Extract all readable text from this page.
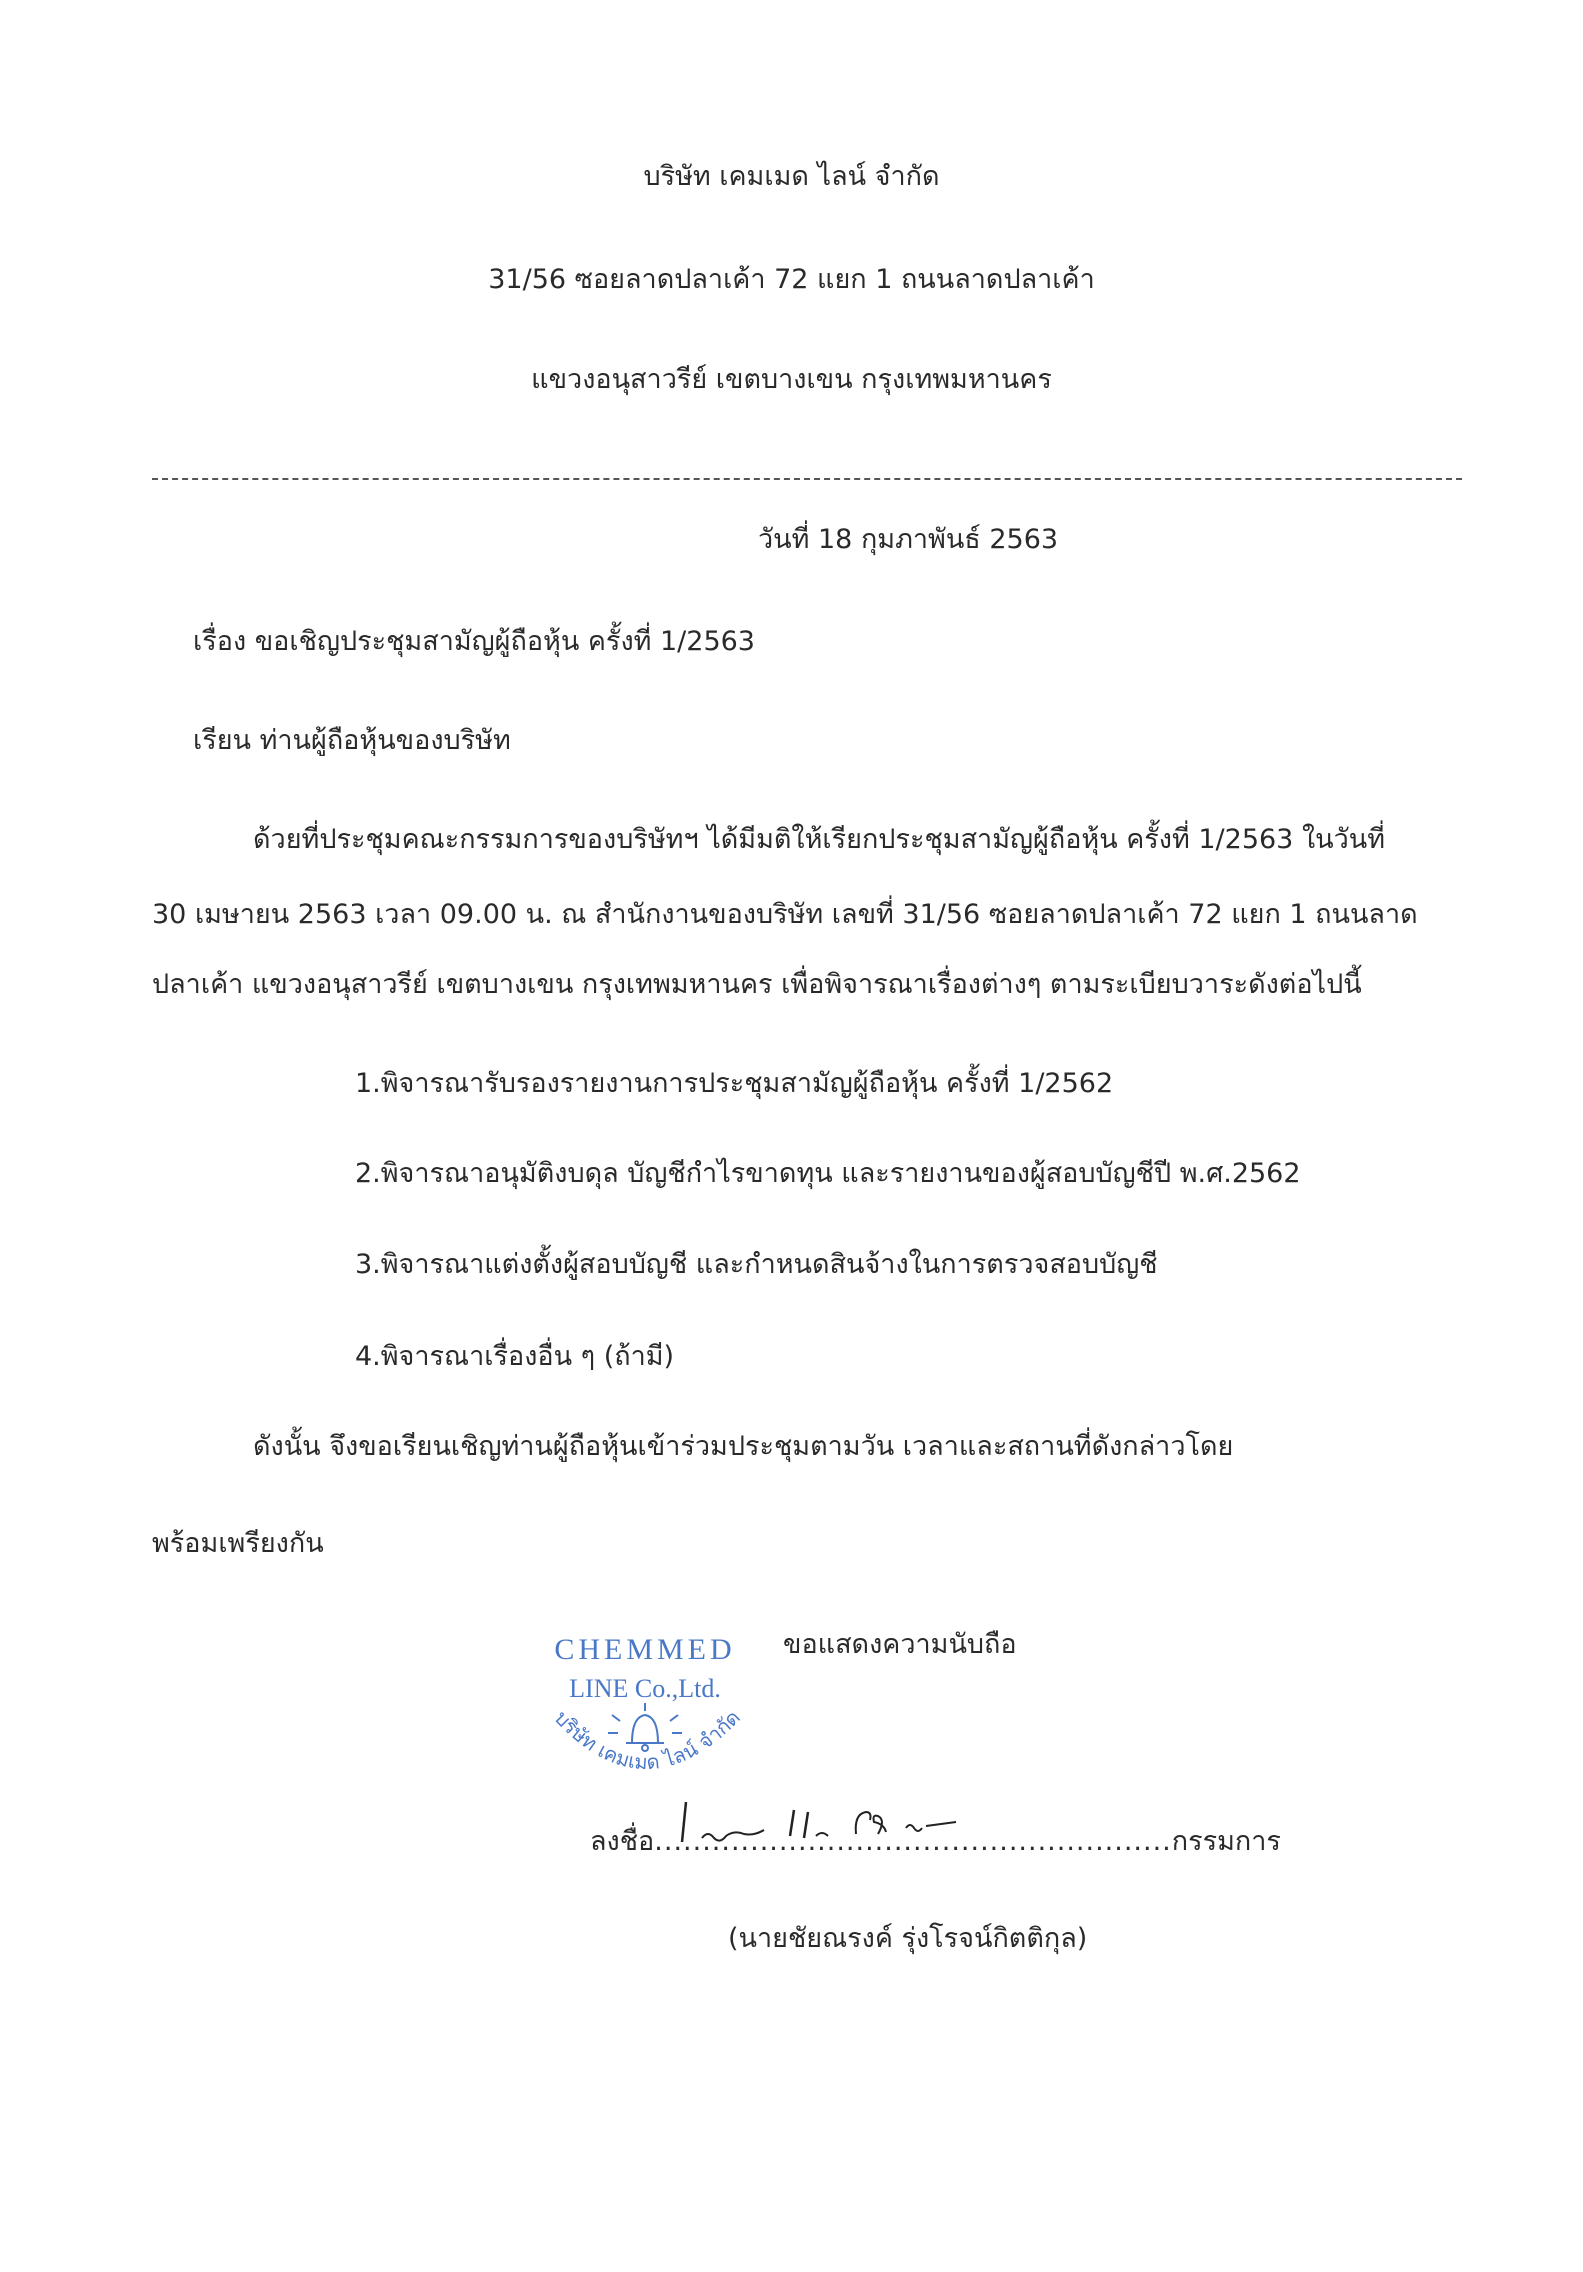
บริษัท เคมเมด ไลน์ จำกัด
31/56 ซอยลาดปลาเค้า 72 แยก 1 ถนนลาดปลาเค้า
แขวงอนุสาวรีย์ เขตบางเขน กรุงเทพมหานคร
วันที่ 18 กุมภาพันธ์ 2563
เรื่อง ขอเชิญประชุมสามัญผู้ถือหุ้น ครั้งที่ 1/2563
เรียน ท่านผู้ถือหุ้นของบริษัท
ด้วยที่ประชุมคณะกรรมการของบริษัทฯ ได้มีมติให้เรียกประชุมสามัญผู้ถือหุ้น ครั้งที่ 1/2563 ในวันที่
30 เมษายน 2563 เวลา 09.00 น. ณ สำนักงานของบริษัท เลขที่ 31/56 ซอยลาดปลาเค้า 72 แยก 1 ถนนลาด
ปลาเค้า แขวงอนุสาวรีย์ เขตบางเขน กรุงเทพมหานคร เพื่อพิจารณาเรื่องต่างๆ ตามระเบียบวาระดังต่อไปนี้
1.พิจารณารับรองรายงานการประชุมสามัญผู้ถือหุ้น ครั้งที่ 1/2562
2.พิจารณาอนุมัติงบดุล บัญชีกำไรขาดทุน และรายงานของผู้สอบบัญชีปี พ.ศ.2562
3.พิจารณาแต่งตั้งผู้สอบบัญชี และกำหนดสินจ้างในการตรวจสอบบัญชี
4.พิจารณาเรื่องอื่น ๆ (ถ้ามี)
ดังนั้น จึงขอเรียนเชิญท่านผู้ถือหุ้นเข้าร่วมประชุมตามวัน เวลาและสถานที่ดังกล่าวโดย
พร้อมเพรียงกัน
ขอแสดงความนับถือ
CHEMMED
LINE Co.,Ltd.
บริษัท เคมเมด ไลน์ จำกัด
ลงชื่อ......................................................กรรมการ
(นายชัยณรงค์ รุ่งโรจน์กิตติกุล)
